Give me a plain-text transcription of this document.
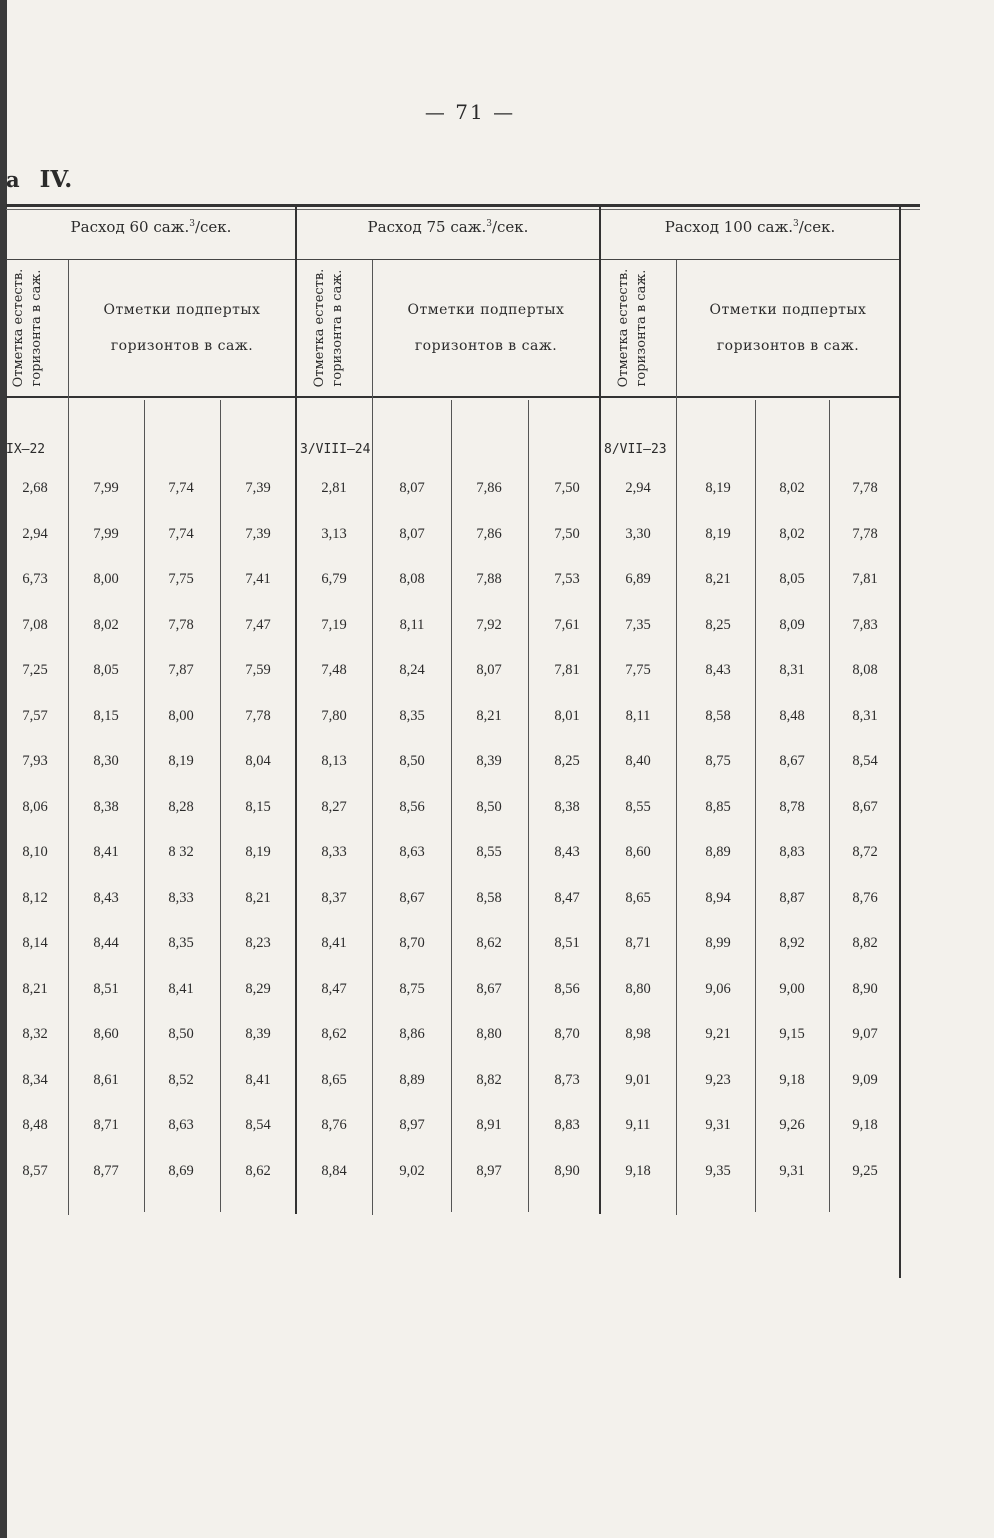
— 71 —
а IV.
Расход 60 саж.$^3$/сек.
Отметка естеств. горизонта в саж.	Отметки подпертых
горизонтов в саж.
IX—22
Расход 75 саж.$^3$/сек.
Отметка естеств. горизонта в саж.	Отметки подпертых
горизонтов в саж.
3/VIII—24
Расход 100 саж.$^3$/сек.
Отметка естеств. горизонта в саж.	Отметки подпертых
горизонтов в саж.
8/VII—23
2,68	7,99	7,74	7,39	2,81	8,07	7,86	7,50	2,94	8,19	8,02	7,78
2,94	7,99	7,74	7,39	3,13	8,07	7,86	7,50	3,30	8,19	8,02	7,78
6,73	8,00	7,75	7,41	6,79	8,08	7,88	7,53	6,89	8,21	8,05	7,81
7,08	8,02	7,78	7,47	7,19	8,11	7,92	7,61	7,35	8,25	8,09	7,83
7,25	8,05	7,87	7,59	7,48	8,24	8,07	7,81	7,75	8,43	8,31	8,08
7,57	8,15	8,00	7,78	7,80	8,35	8,21	8,01	8,11	8,58	8,48	8,31
7,93	8,30	8,19	8,04	8,13	8,50	8,39	8,25	8,40	8,75	8,67	8,54
8,06	8,38	8,28	8,15	8,27	8,56	8,50	8,38	8,55	8,85	8,78	8,67
8,10	8,41	8 32	8,19	8,33	8,63	8,55	8,43	8,60	8,89	8,83	8,72
8,12	8,43	8,33	8,21	8,37	8,67	8,58	8,47	8,65	8,94	8,87	8,76
8,14	8,44	8,35	8,23	8,41	8,70	8,62	8,51	8,71	8,99	8,92	8,82
8,21	8,51	8,41	8,29	8,47	8,75	8,67	8,56	8,80	9,06	9,00	8,90
8,32	8,60	8,50	8,39	8,62	8,86	8,80	8,70	8,98	9,21	9,15	9,07
8,34	8,61	8,52	8,41	8,65	8,89	8,82	8,73	9,01	9,23	9,18	9,09
8,48	8,71	8,63	8,54	8,76	8,97	8,91	8,83	9,11	9,31	9,26	9,18
8,57	8,77	8,69	8,62	8,84	9,02	8,97	8,90	9,18	9,35	9,31	9,25
